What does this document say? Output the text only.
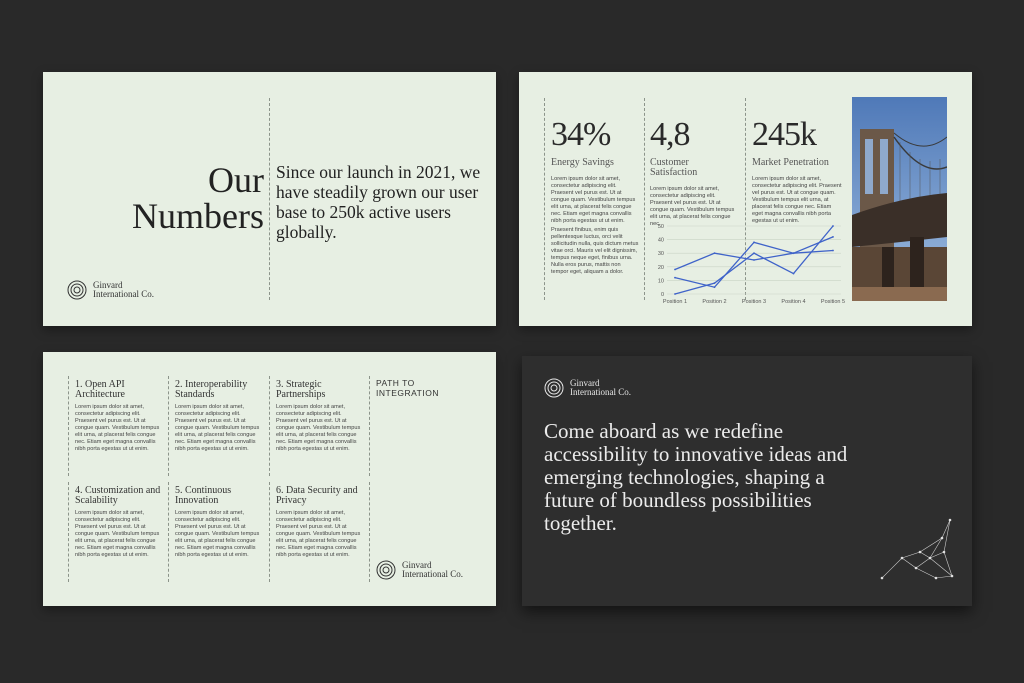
Our
Numbers
Since our launch in 2021, we have steadily grown our user base to 250k active users globally.
Ginvard
International Co.
34%
Energy Savings
Lorem ipsum dolor sit amet, consectetur adipiscing elit. Praesent vel purus est. Ut at congue quam. Vestibulum tempus elit urna, at placerat felis congue nec. Etiam eget magna convallis nibh porta egestas ut ut enim.
Praesent finibus, enim quis pellentesque luctus, orci velit sollicitudin nulla, quis dictum metus vitae orci. Mauris vel elit dignissim, tempus neque eget, finibus urna. Nulla eros purus, mattis non tempor eget, aliquam a dolor.
4,8
Customer Satisfaction
Lorem ipsum dolor sit amet, consectetur adipiscing elit. Praesent vel purus est. Ut at congue quam. Vestibulum tempus elit urna, at placerat felis congue nec.
245k
Market Penetration
Lorem ipsum dolor sit amet, consectetur adipiscing elit. Praesent vel purus est. Ut at congue quam. Vestibulum tempus elit urna, at placerat felis congue nec. Etiam eget magna convallis nibh porta egestas ut ut enim.
0
10
20
30
40
50
Position 1	Position 2	Position 3	Position 4	Position 5
1. Open API Architecture
Lorem ipsum dolor sit amet, consectetur adipiscing elit. Praesent vel purus est. Ut at congue quam. Vestibulum tempus elit urna, at placerat felis congue nec. Etiam eget magna convallis nibh porta egestas ut ut enim.
2. Interoperability Standards
Lorem ipsum dolor sit amet, consectetur adipiscing elit. Praesent vel purus est. Ut at congue quam. Vestibulum tempus elit urna, at placerat felis congue nec. Etiam eget magna convallis nibh porta egestas ut ut enim.
3. Strategic Partnerships
Lorem ipsum dolor sit amet, consectetur adipiscing elit. Praesent vel purus est. Ut at congue quam. Vestibulum tempus elit urna, at placerat felis congue nec. Etiam eget magna convallis nibh porta egestas ut ut enim.
PATH TO INTEGRATION
4. Customization and Scalability
Lorem ipsum dolor sit amet, consectetur adipiscing elit. Praesent vel purus est. Ut at congue quam. Vestibulum tempus elit urna, at placerat felis congue nec. Etiam eget magna convallis nibh porta egestas ut ut enim.
5. Continuous Innovation
Lorem ipsum dolor sit amet, consectetur adipiscing elit. Praesent vel purus est. Ut at congue quam. Vestibulum tempus elit urna, at placerat felis congue nec. Etiam eget magna convallis nibh porta egestas ut ut enim.
6. Data Security and Privacy
Lorem ipsum dolor sit amet, consectetur adipiscing elit. Praesent vel purus est. Ut at congue quam. Vestibulum tempus elit urna, at placerat felis congue nec. Etiam eget magna convallis nibh porta egestas ut ut enim.
Ginvard
International Co.
Ginvard
International Co.
Come aboard as we redefine accessibility to innovative ideas and emerging technologies, shaping a future of boundless possibilities together.
